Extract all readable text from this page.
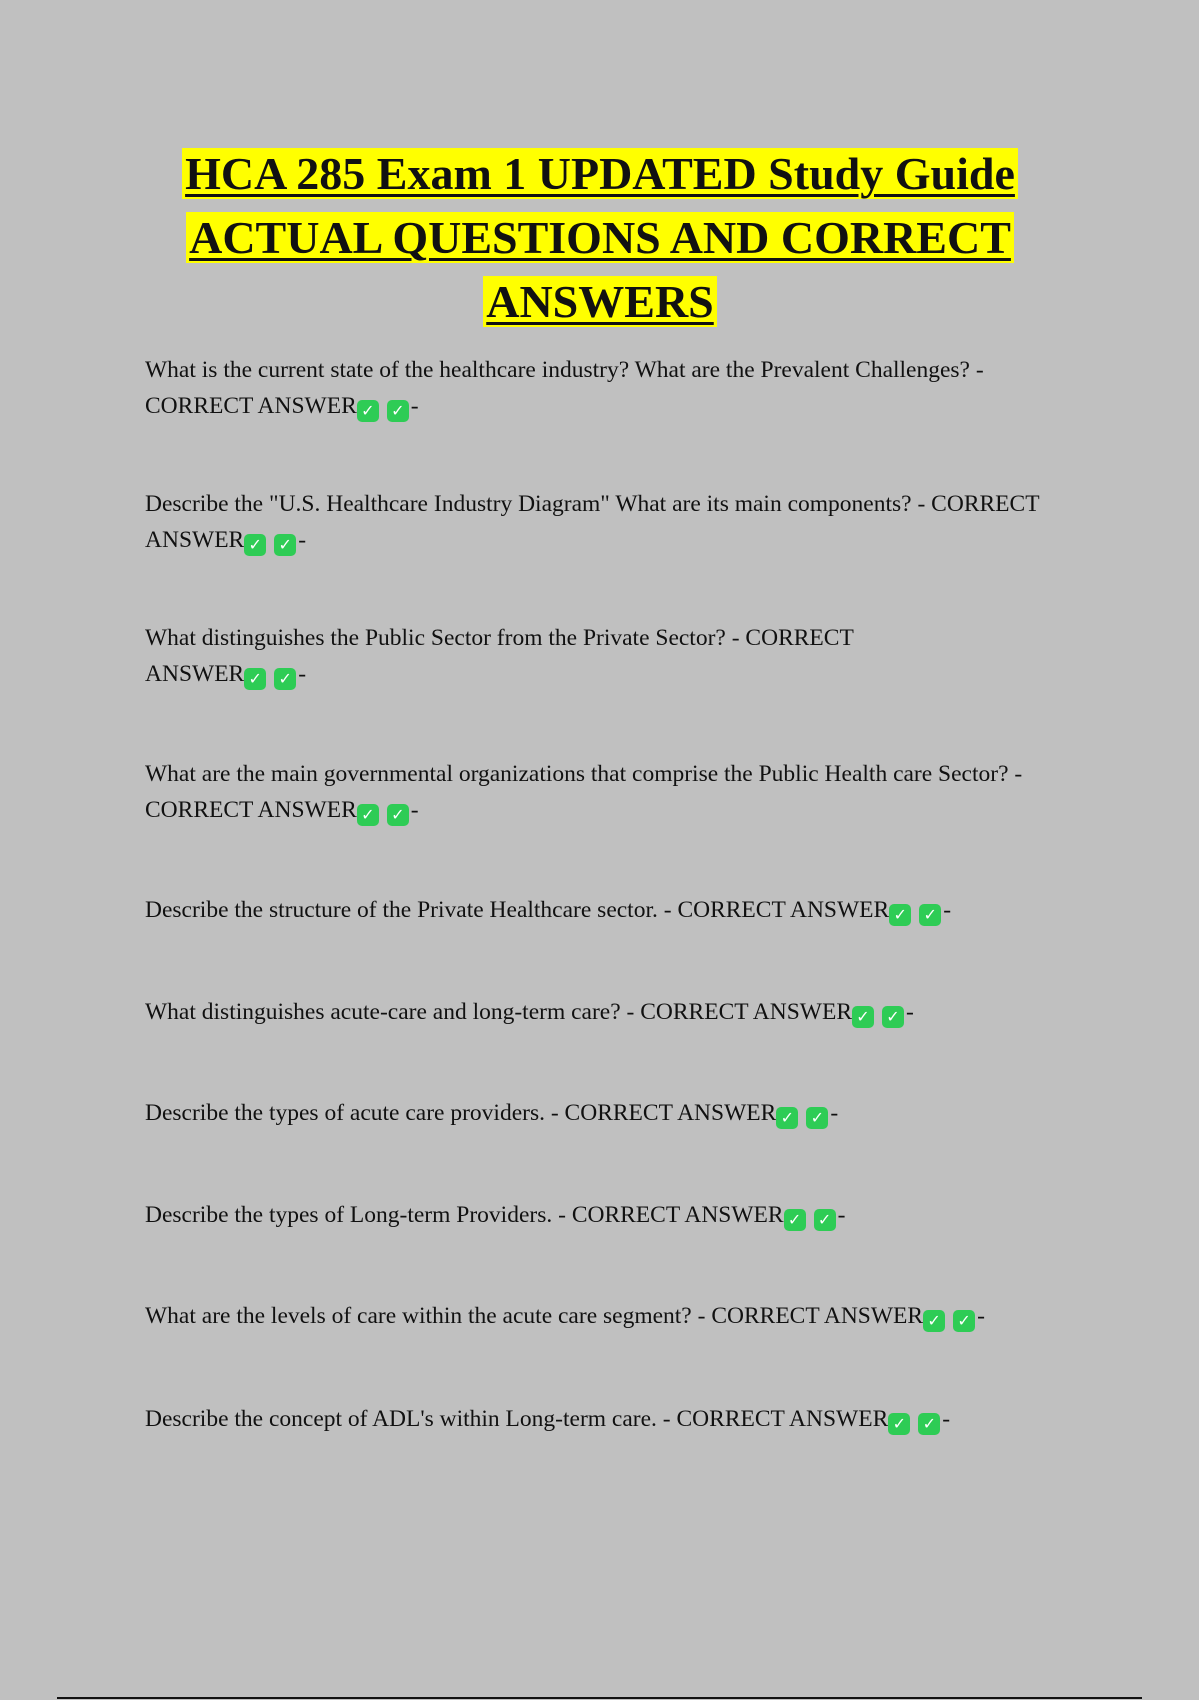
HCA 285 Exam 1 UPDATED Study Guide ACTUAL QUESTIONS AND CORRECT ANSWERS

What is the current state of the healthcare industry? What are the Prevalent Challenges? - CORRECT ANSWER ✓ ✓ -

Describe the "U.S. Healthcare Industry Diagram" What are its main components? - CORRECT ANSWER ✓ ✓ -

What distinguishes the Public Sector from the Private Sector? - CORRECT ANSWER ✓ ✓ -

What are the main governmental organizations that comprise the Public Health care Sector? - CORRECT ANSWER ✓ ✓ -

Describe the structure of the Private Healthcare sector. - CORRECT ANSWER ✓ ✓ -

What distinguishes acute-care and long-term care? - CORRECT ANSWER ✓ ✓ -

Describe the types of acute care providers. - CORRECT ANSWER ✓ ✓ -

Describe the types of Long-term Providers. - CORRECT ANSWER ✓ ✓ -

What are the levels of care within the acute care segment? - CORRECT ANSWER ✓ ✓ -

Describe the concept of ADL's within Long-term care. - CORRECT ANSWER ✓ ✓ -
